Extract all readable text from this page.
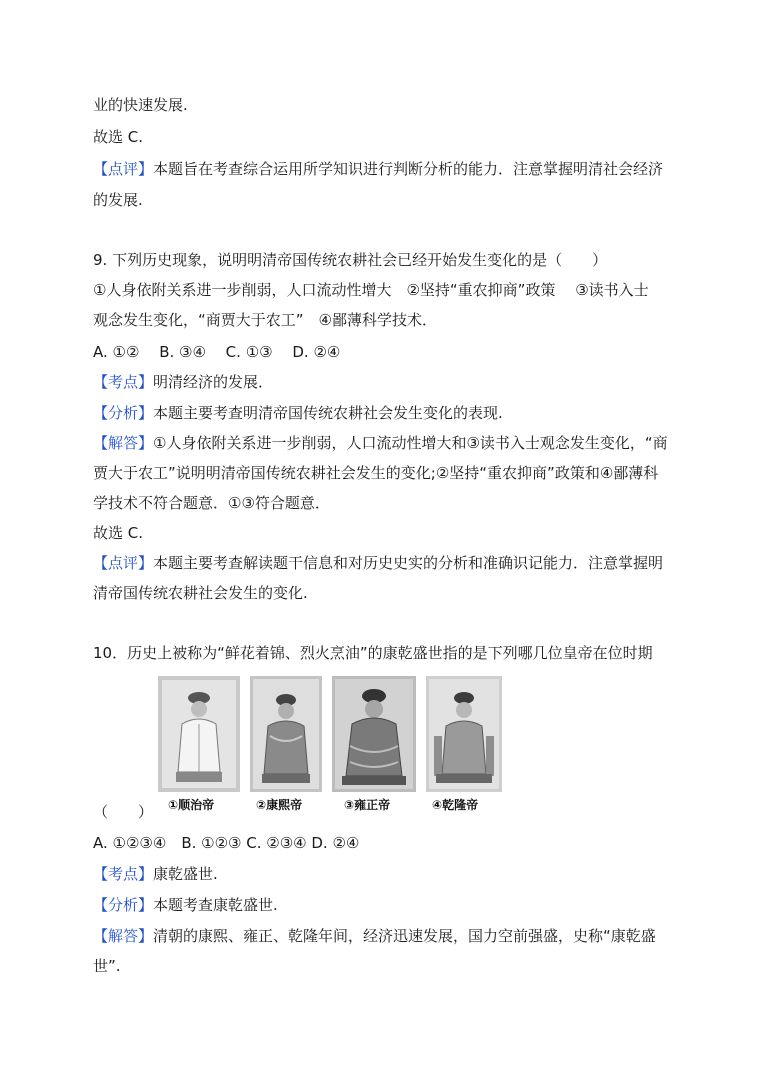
业的快速发展.

故选 C.

【点评】本题旨在考查综合运用所学知识进行判断分析的能力．注意掌握明清社会经济

的发展.

9. 下列历史现象，说明明清帝国传统农耕社会已经开始发生变化的是（　　）

①人身依附关系进一步削弱，人口流动性增大　②坚持“重农抑商”政策　 ③读书入士

观念发生变化，“商贾大于农工”　④鄙薄科学技术．

A. ①②　 B. ③④　 C. ①③　 D. ②④

【考点】明清经济的发展．

【分析】本题主要考查明清帝国传统农耕社会发生变化的表现.

【解答】①人身依附关系进一步削弱，人口流动性增大和③读书入士观念发生变化，“商

贾大于农工”说明明清帝国传统农耕社会发生的变化;②坚持“重农抑商”政策和④鄙薄科

学技术不符合题意．①③符合题意．

故选 C.

【点评】本题主要考查解读题干信息和对历史史实的分析和准确识记能力．注意掌握明

清帝国传统农耕社会发生的变化.

10．历史上被称为“鲜花着锦、烈火烹油”的康乾盛世指的是下列哪几位皇帝在位时期

①顺治帝	②康熙帝	③雍正帝	④乾隆帝

（　　）

A. ①②③④　B. ①②③ C. ②③④ D. ②④

【考点】康乾盛世.

【分析】本题考查康乾盛世.

【解答】清朝的康熙、雍正、乾隆年间，经济迅速发展，国力空前强盛，史称“康乾盛

世”.
